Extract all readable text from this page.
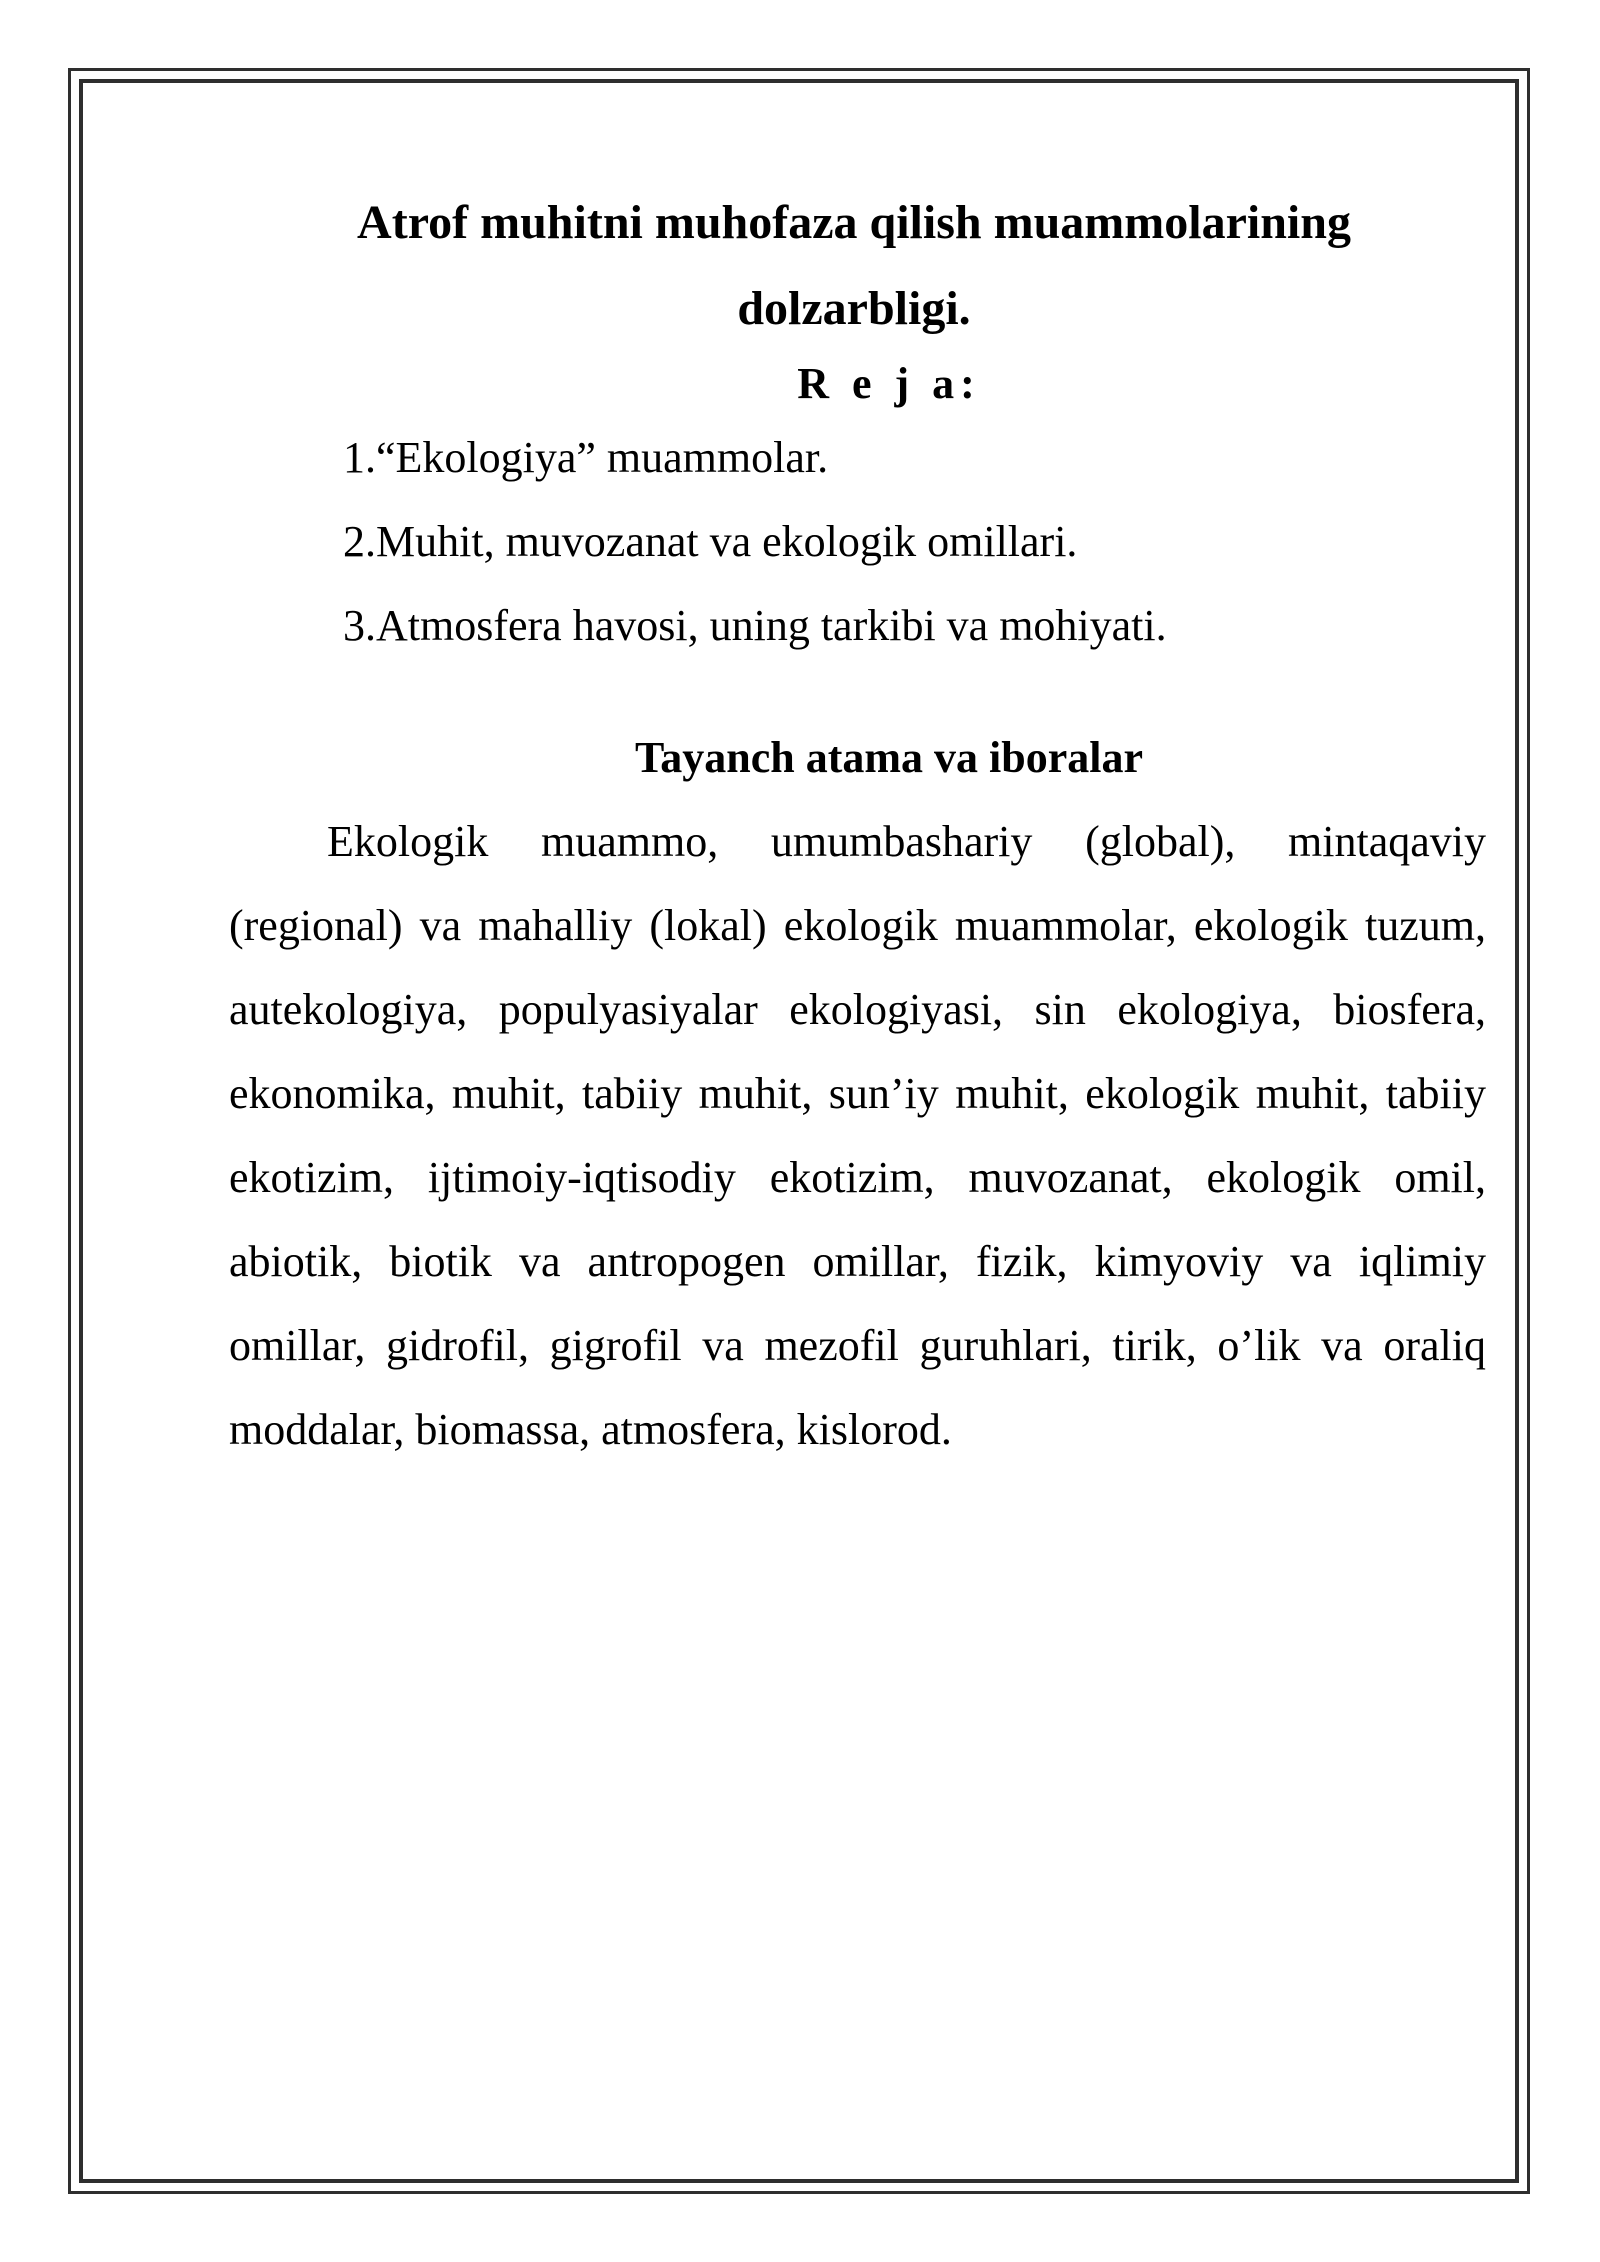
Atrof muhitni muhofaza qilish muammolarining dolzarbligi.
R e j a:
1.“Ekologiya” muammolar.
2.Muhit, muvozanat va ekologik omillari.
3.Atmosfera havosi, uning tarkibi va mohiyati.
Tayanch atama va iboralar

Ekologik muammo, umumbashariy (global), mintaqaviy (regional) va mahalliy (lokal) ekologik muammolar, ekologik tuzum, autekologiya, populyasiyalar ekologiyasi, sin ekologiya, biosfera, ekonomika, muhit, tabiiy muhit, sun’iy muhit, ekologik muhit, tabiiy ekotizim, ijtimoiy-iqtisodiy ekotizim, muvozanat, ekologik omil, abiotik, biotik va antropogen omillar, fizik, kimyoviy va iqlimiy omillar, gidrofil, gigrofil va mezofil guruhlari, tirik, o’lik va oraliq moddalar, biomassa, atmosfera, kislorod.
